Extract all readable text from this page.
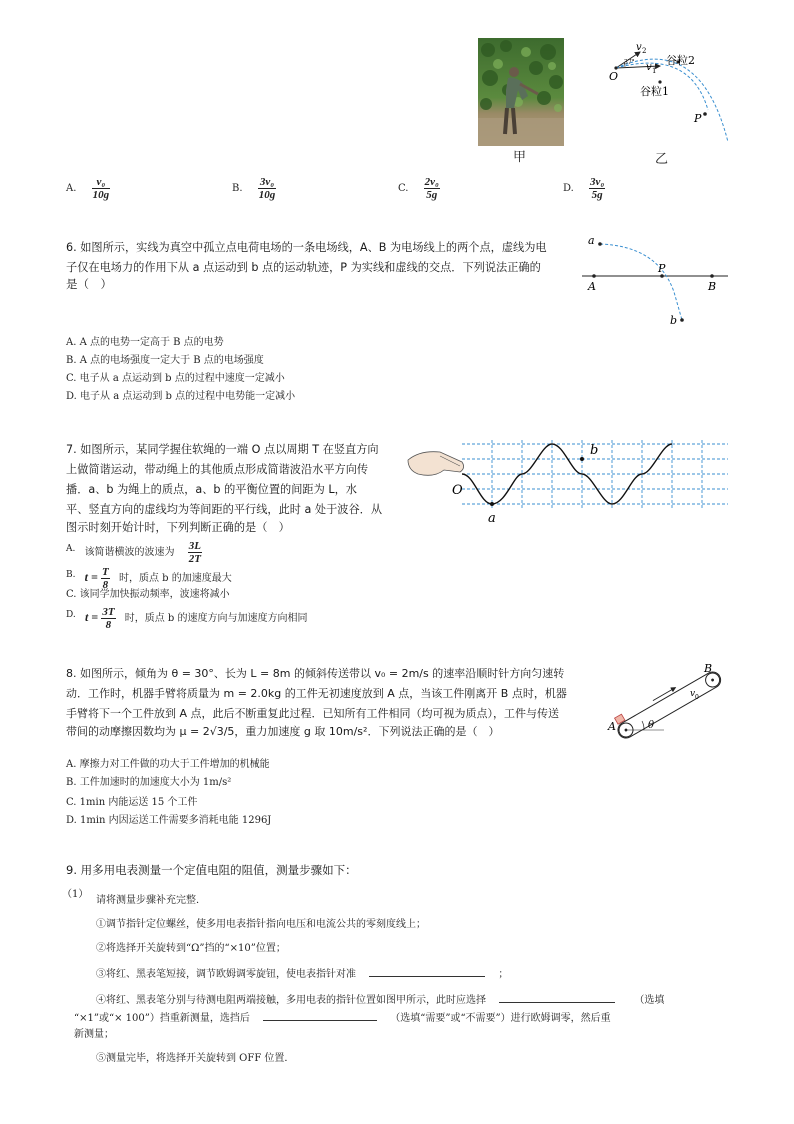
甲
O
37°
v 2
v 1
谷粒2
谷粒1
P
乙
A. $\frac{\text{v₀}}{10g}$	B. $\frac{\text{3v₀}}{10g}$	C. $\frac{\text{2v₀}}{5g}$	D. $\frac{\text{3v₀}}{5g}$
6. 如图所示，实线为真空中孤立点电荷电场的一条电场线，A、B 为电场线上的两个点，虚线为电
子仅在电场力的作用下从 a 点运动到 b 点的运动轨迹，P 为实线和虚线的交点．下列说法正确的
是（　）
a
A
P
B
b
A. A 点的电势一定高于 B 点的电势
B. A 点的电场强度一定大于 B 点的电场强度
C. 电子从 a 点运动到 b 点的过程中速度一定减小
D. 电子从 a 点运动到 b 点的过程中电势能一定减小
7. 如图所示，某同学握住软绳的一端 O 点以周期 T 在竖直方向
上做简谐运动，带动绳上的其他质点形成简谐波沿水平方向传
播．a、b 为绳上的质点，a、b 的平衡位置的间距为 L，水
平、竖直方向的虚线均为等间距的平行线，此时 a 处于波谷．从
图示时刻开始计时，下列判断正确的是（　）
O
a
b
A. 该简谐横波的波速为 $\frac{3L}{2T}$
B. $t = \frac{T}{8}$ 时，质点 b 的加速度最大
C. 该同学加快振动频率，波速将减小
D. $t = \frac{3T}{8}$ 时，质点 b 的速度方向与加速度方向相同
8. 如图所示，倾角为 θ = 30°、长为 L = 8m 的倾斜传送带以 v₀ = 2m/s 的速率沿顺时针方向匀速转
动．工作时，机器手臂将质量为 m = 2.0kg 的工件无初速度放到 A 点，当该工件刚离开 B 点时，机器
手臂将下一个工件放到 A 点，此后不断重复此过程．已知所有工件相同（均可视为质点），工件与传送
带间的动摩擦因数均为 μ = 2√3/5，重力加速度 g 取 10m/s²．下列说法正确的是（　）	θ
A
B
v 0
A. 摩擦力对工件做的功大于工件增加的机械能
B. 工件加速时的加速度大小为 1m/s²
C. 1min 内能运送 15 个工件
D. 1min 内因运送工件需要多消耗电能 1296J
9. 用多用电表测量一个定值电阻的阻值，测量步骤如下：
（1）
请将测量步骤补充完整．
①调节指针定位螺丝，使多用电表指针指向电压和电流公共的零刻度线上；
②将选择开关旋转到“Ω”挡的“×10”位置；
③将红、黑表笔短接，调节欧姆调零旋钮，使电表指针对准	；
④将红、黑表笔分别与待测电阻两端接触，多用电表的指针位置如图甲所示，此时应选择	（选填
“×1”或“× 100”）挡重新测量，选挡后	（选填“需要”或“不需要”）进行欧姆调零，然后重
新测量；
⑤测量完毕，将选择开关旋转到 OFF 位置．
